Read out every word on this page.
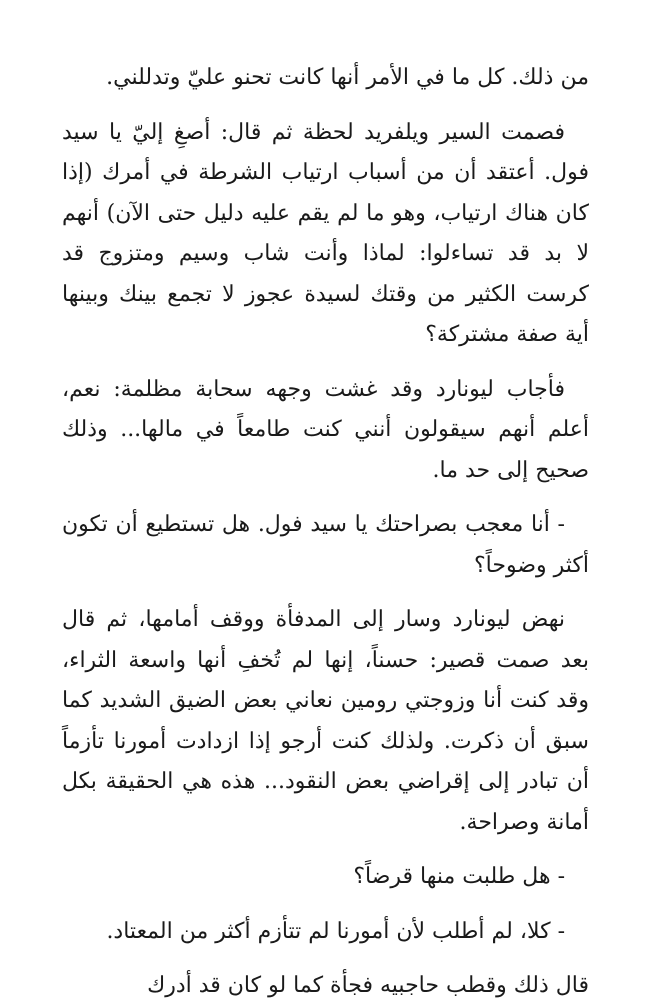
من ذلك. كل ما في الأمر أنها كانت تحنو عليّ وتدللني.

فصمت السير ويلفريد لحظة ثم قال: أصغِ إليّ يا سيد فول. أعتقد أن من أسباب ارتياب الشرطة في أمرك (إذا كان هناك ارتياب، وهو ما لم يقم عليه دليل حتى الآن) أنهم لا بد قد تساءلوا: لماذا وأنت شاب وسيم ومتزوج قد كرست الكثير من وقتك لسيدة عجوز لا تجمع بينك وبينها أية صفة مشتركة؟

فأجاب ليونارد وقد غشت وجهه سحابة مظلمة: نعم، أعلم أنهم سيقولون أنني كنت طامعاً في مالها... وذلك صحيح إلى حد ما.

- أنا معجب بصراحتك يا سيد فول. هل تستطيع أن تكون أكثر وضوحاً؟

نهض ليونارد وسار إلى المدفأة ووقف أمامها، ثم قال بعد صمت قصير: حسناً، إنها لم تُخفِ أنها واسعة الثراء، وقد كنت أنا وزوجتي رومين نعاني بعض الضيق الشديد كما سبق أن ذكرت. ولذلك كنت أرجو إذا ازدادت أمورنا تأزماً أن تبادر إلى إقراضي بعض النقود... هذه هي الحقيقة بكل أمانة وصراحة.

- هل طلبت منها قرضاً؟

- كلا، لم أطلب لأن أمورنا لم تتأزم أكثر من المعتاد.

قال ذلك وقطب حاجبيه فجأة كما لو كان قد أدرك
